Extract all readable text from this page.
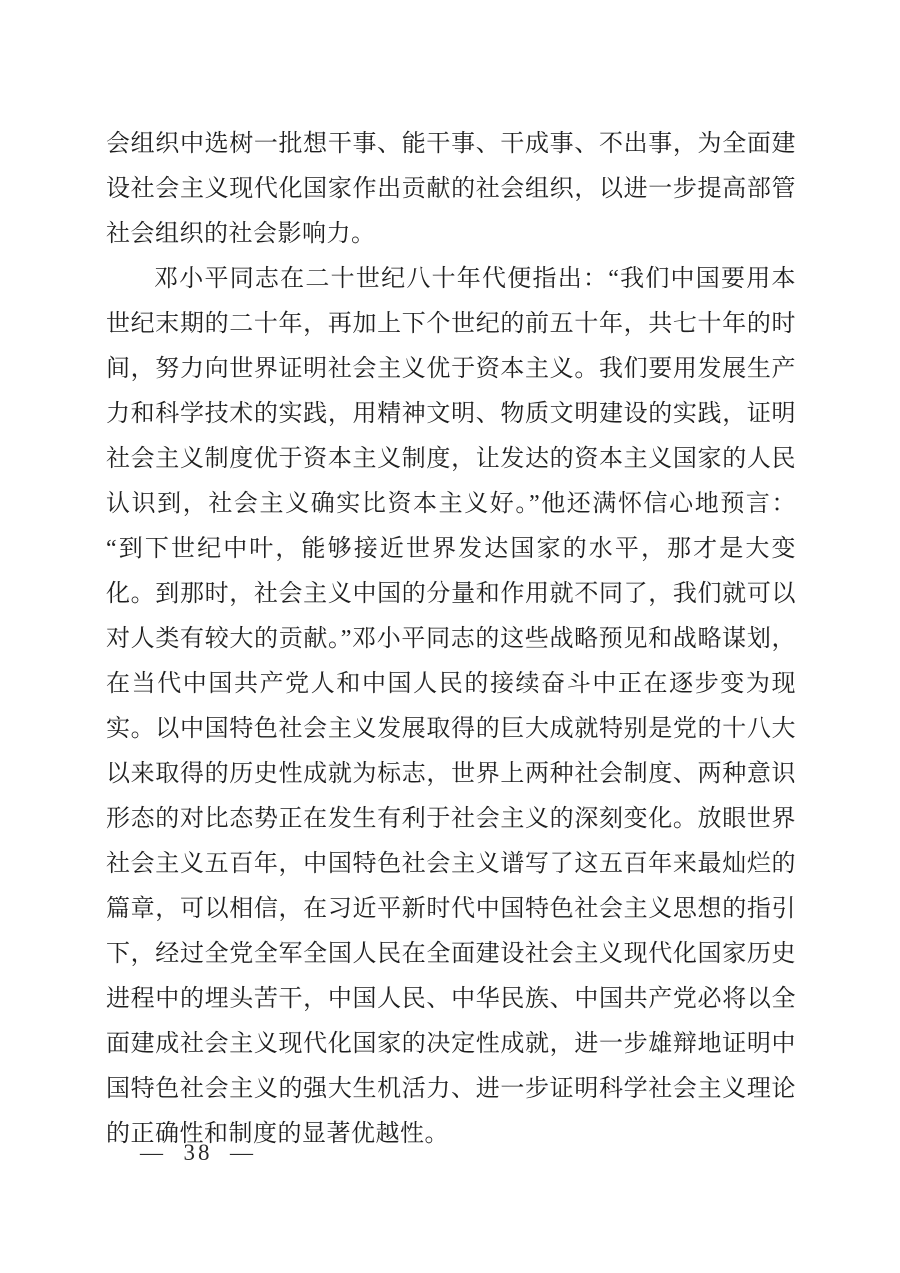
会组织中选树一批想干事、能干事、干成事、不出事，为全面建设社会主义现代化国家作出贡献的社会组织，以进一步提高部管社会组织的社会影响力。

邓小平同志在二十世纪八十年代便指出：“我们中国要用本世纪末期的二十年，再加上下个世纪的前五十年，共七十年的时间，努力向世界证明社会主义优于资本主义。我们要用发展生产力和科学技术的实践，用精神文明、物质文明建设的实践，证明社会主义制度优于资本主义制度，让发达的资本主义国家的人民认识到，社会主义确实比资本主义好。”他还满怀信心地预言：“到下世纪中叶，能够接近世界发达国家的水平，那才是大变化。到那时，社会主义中国的分量和作用就不同了，我们就可以对人类有较大的贡献。”邓小平同志的这些战略预见和战略谋划，在当代中国共产党人和中国人民的接续奋斗中正在逐步变为现实。以中国特色社会主义发展取得的巨大成就特别是党的十八大以来取得的历史性成就为标志，世界上两种社会制度、两种意识形态的对比态势正在发生有利于社会主义的深刻变化。放眼世界社会主义五百年，中国特色社会主义谱写了这五百年来最灿烂的篇章，可以相信，在习近平新时代中国特色社会主义思想的指引下，经过全党全军全国人民在全面建设社会主义现代化国家历史进程中的埋头苦干，中国人民、中华民族、中国共产党必将以全面建成社会主义现代化国家的决定性成就，进一步雄辩地证明中国特色社会主义的强大生机活力、进一步证明科学社会主义理论的正确性和制度的显著优越性。

—  38  —
